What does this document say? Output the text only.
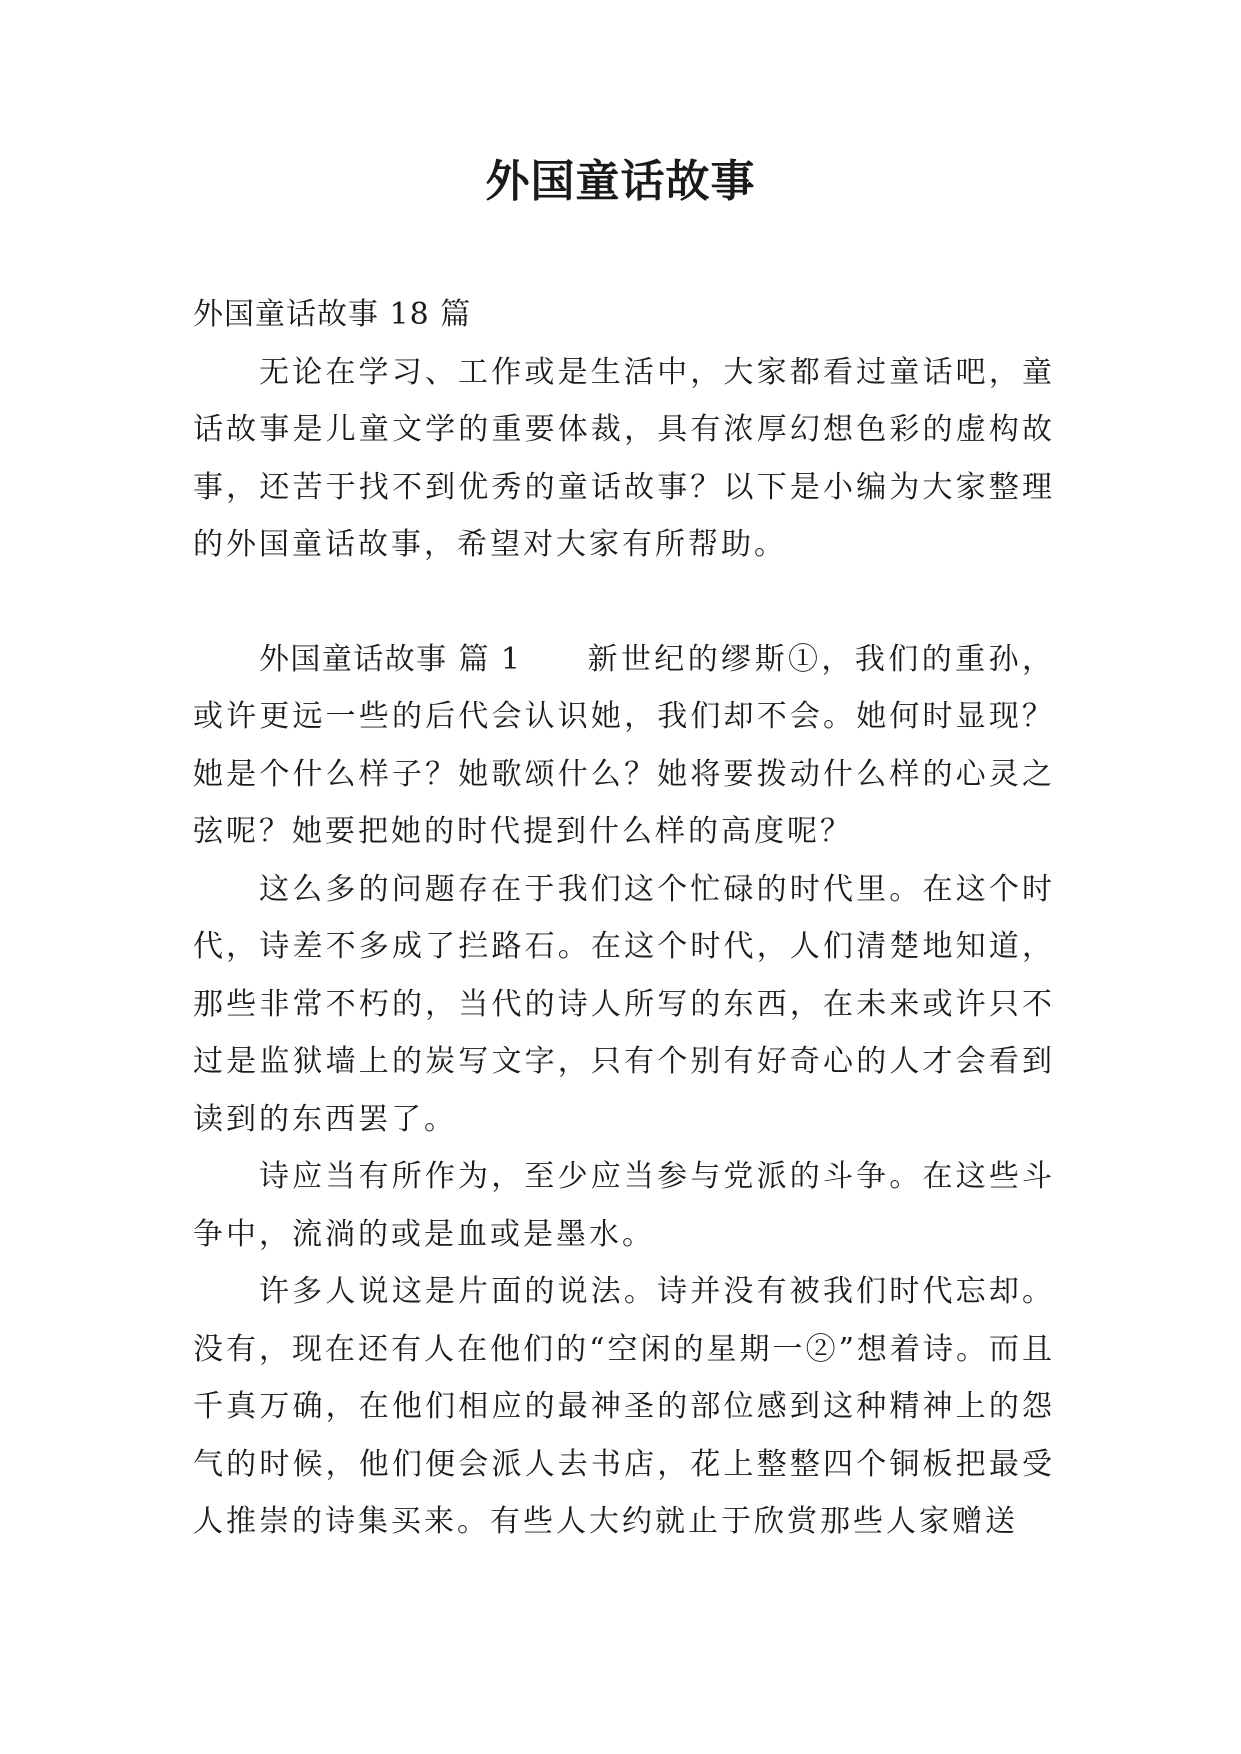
外国童话故事

外国童话故事 18 篇

无论在学习、工作或是生活中，大家都看过童话吧，童话故事是儿童文学的重要体裁，具有浓厚幻想色彩的虚构故事，还苦于找不到优秀的童话故事？以下是小编为大家整理的外国童话故事，希望对大家有所帮助。

外国童话故事 篇 1 新世纪的缪斯①，我们的重孙，或许更远一些的后代会认识她，我们却不会。她何时显现？她是个什么样子？她歌颂什么？她将要拨动什么样的心灵之弦呢？她要把她的时代提到什么样的高度呢？

这么多的问题存在于我们这个忙碌的时代里。在这个时代，诗差不多成了拦路石。在这个时代，人们清楚地知道，那些非常不朽的，当代的诗人所写的东西，在未来或许只不过是监狱墙上的炭写文字，只有个别有好奇心的人才会看到读到的东西罢了。

诗应当有所作为，至少应当参与党派的斗争。在这些斗争中，流淌的或是血或是墨水。

许多人说这是片面的说法。诗并没有被我们时代忘却。没有，现在还有人在他们的“空闲的星期一②”想着诗。而且千真万确，在他们相应的最神圣的部位感到这种精神上的怨气的时候，他们便会派人去书店，花上整整四个铜板把最受人推崇的诗集买来。有些人大约就止于欣赏那些人家赠送
